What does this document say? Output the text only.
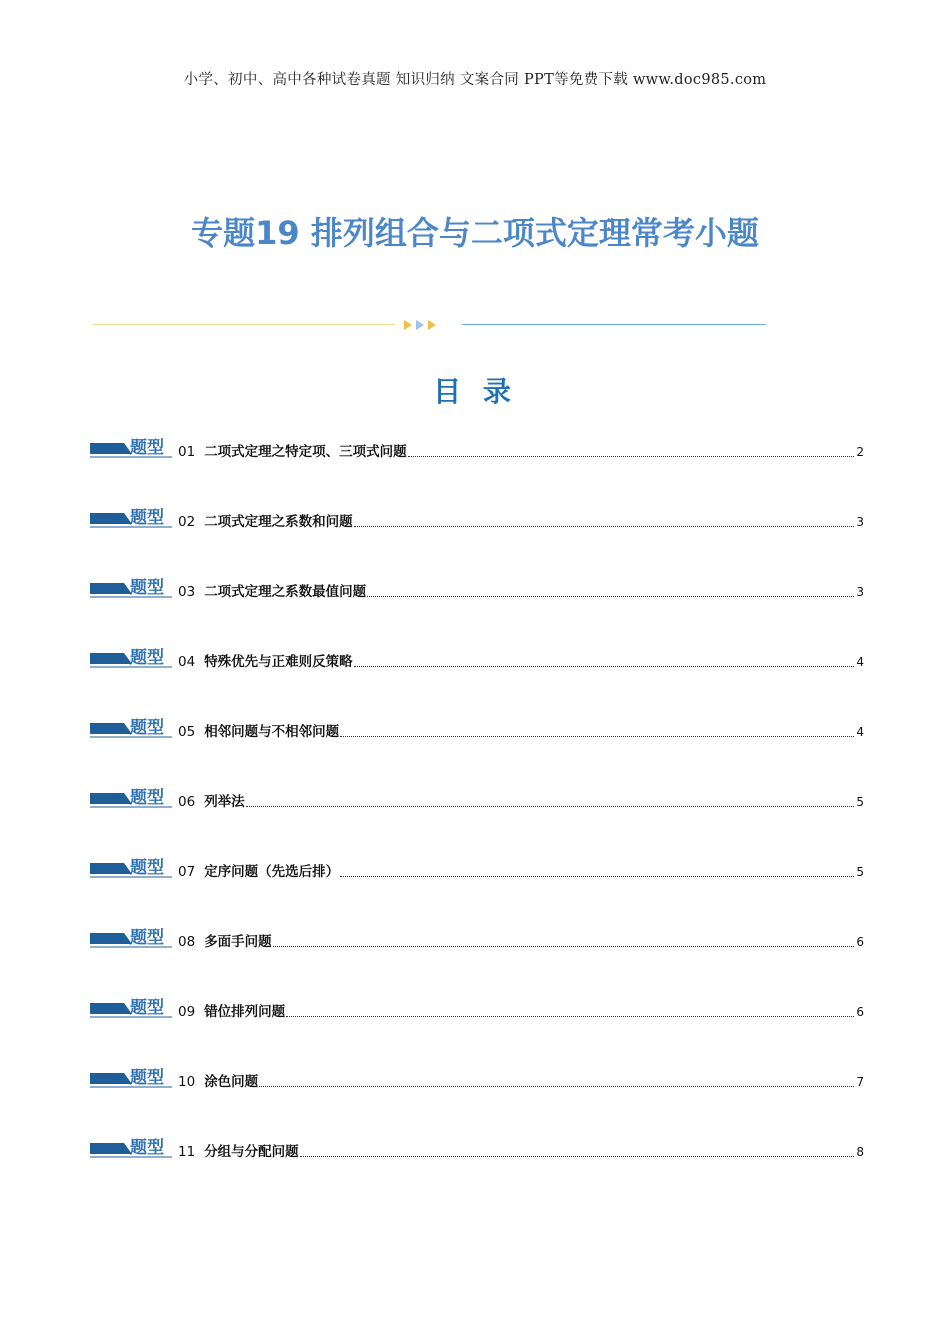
小学、初中、高中各种试卷真题 知识归纳 文案合同 PPT等免费下载 www.doc985.com
专题19 排列组合与二项式定理常考小题
目 录
题型 01 二项式定理之特定项、三项式问题	2
题型 02 二项式定理之系数和问题	3
题型 03 二项式定理之系数最值问题	3
题型 04 特殊优先与正难则反策略	4
题型 05 相邻问题与不相邻问题	4
题型 06 列举法	5
题型 07 定序问题（先选后排）	5
题型 08 多面手问题	6
题型 09 错位排列问题	6
题型 10 涂色问题	7
题型 11 分组与分配问题	8
